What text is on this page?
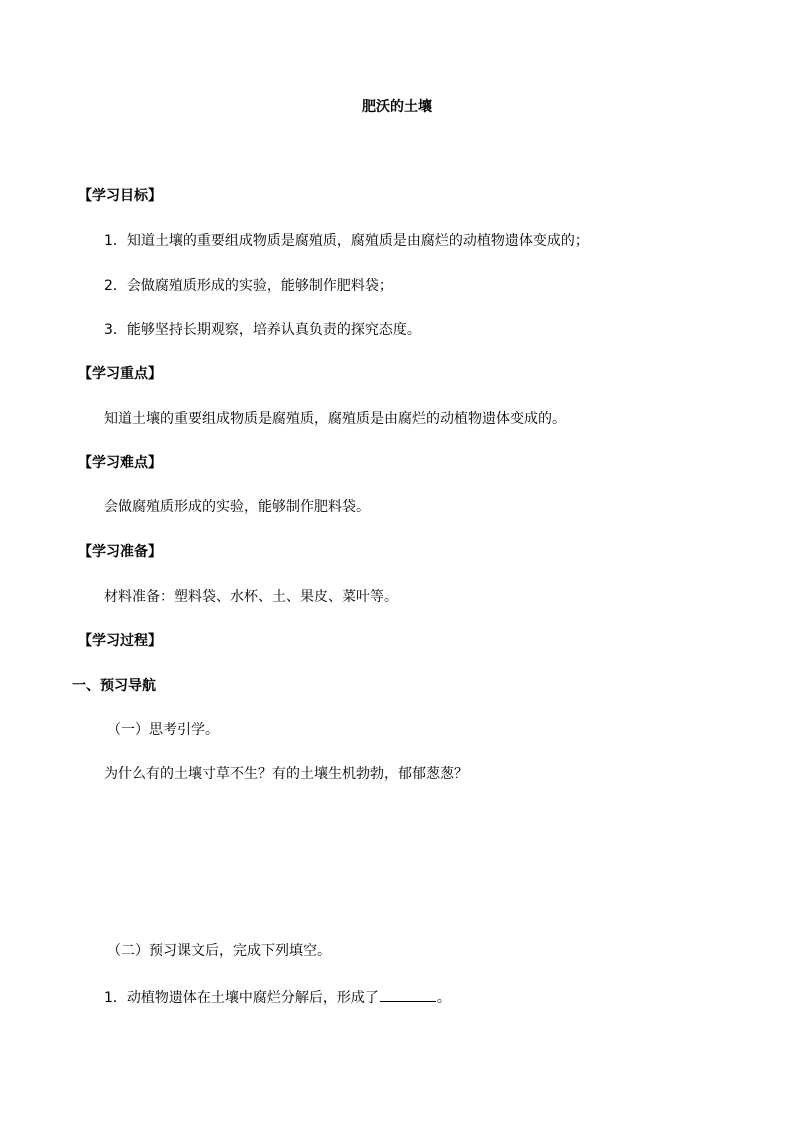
肥沃的土壤
【学习目标】
1．知道土壤的重要组成物质是腐殖质，腐殖质是由腐烂的动植物遗体变成的；
2．会做腐殖质形成的实验，能够制作肥料袋；
3．能够坚持长期观察，培养认真负责的探究态度。
【学习重点】
知道土壤的重要组成物质是腐殖质，腐殖质是由腐烂的动植物遗体变成的。
【学习难点】
会做腐殖质形成的实验，能够制作肥料袋。
【学习准备】
材料准备：塑料袋、水杯、土、果皮、菜叶等。
【学习过程】
一、预习导航
（一）思考引学。
为什么有的土壤寸草不生？有的土壤生机勃勃，郁郁葱葱？
（二）预习课文后，完成下列填空。
1．动植物遗体在土壤中腐烂分解后，形成了	。
